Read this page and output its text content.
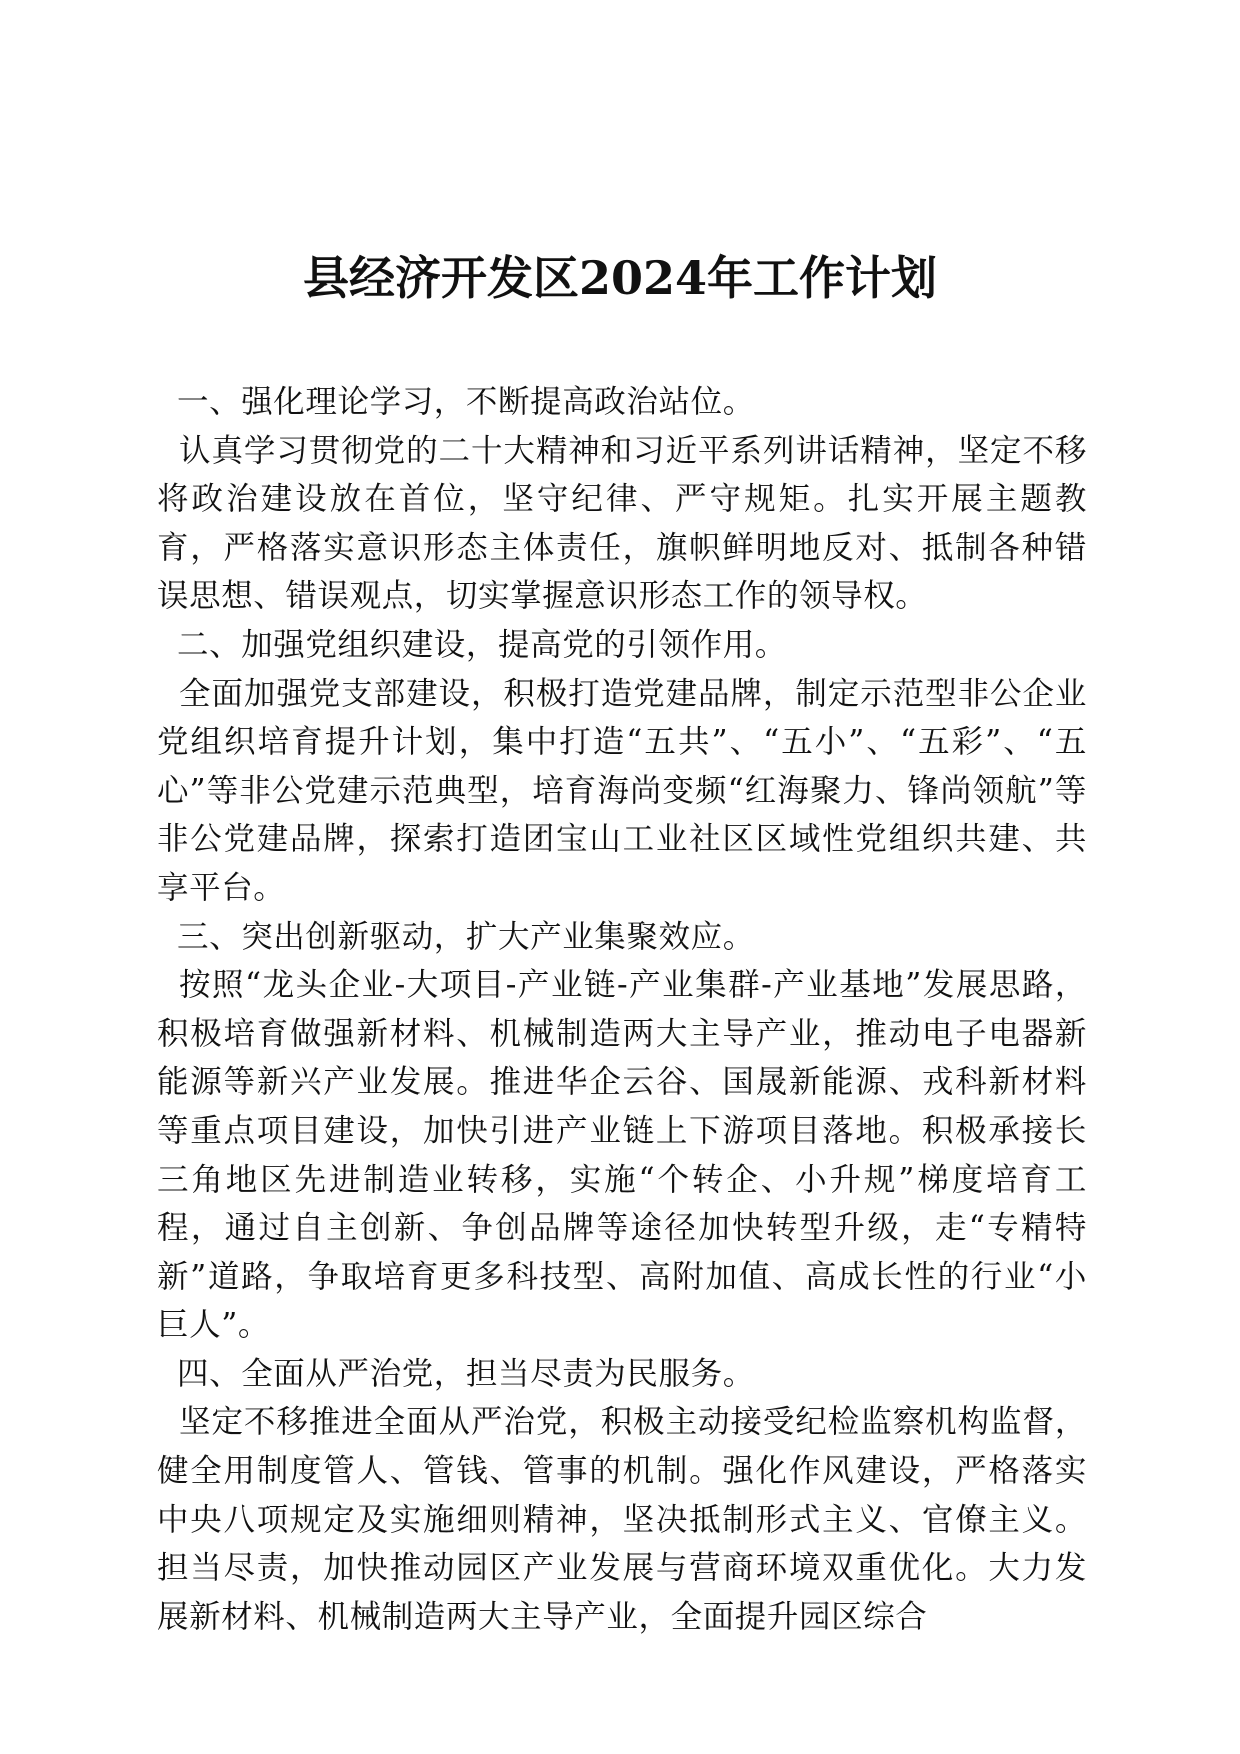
县经济开发区2024年工作计划

一、强化理论学习，不断提高政治站位。

认真学习贯彻党的二十大精神和习近平系列讲话精神，坚定不移将政治建设放在首位，坚守纪律、严守规矩。扎实开展主题教育，严格落实意识形态主体责任，旗帜鲜明地反对、抵制各种错误思想、错误观点，切实掌握意识形态工作的领导权。

二、加强党组织建设，提高党的引领作用。

全面加强党支部建设，积极打造党建品牌，制定示范型非公企业党组织培育提升计划，集中打造“五共”、“五小”、“五彩”、“五心”等非公党建示范典型，培育海尚变频“红海聚力、锋尚领航”等非公党建品牌，探索打造团宝山工业社区区域性党组织共建、共享平台。

三、突出创新驱动，扩大产业集聚效应。

按照“龙头企业-大项目-产业链-产业集群-产业基地”发展思路，积极培育做强新材料、机械制造两大主导产业，推动电子电器新能源等新兴产业发展。推进华企云谷、国晟新能源、戎科新材料等重点项目建设，加快引进产业链上下游项目落地。积极承接长三角地区先进制造业转移，实施“个转企、小升规”梯度培育工程，通过自主创新、争创品牌等途径加快转型升级，走“专精特新”道路，争取培育更多科技型、高附加值、高成长性的行业“小巨人”。

四、全面从严治党，担当尽责为民服务。

坚定不移推进全面从严治党，积极主动接受纪检监察机构监督，健全用制度管人、管钱、管事的机制。强化作风建设，严格落实中央八项规定及实施细则精神，坚决抵制形式主义、官僚主义。担当尽责，加快推动园区产业发展与营商环境双重优化。大力发展新材料、机械制造两大主导产业，全面提升园区综合
